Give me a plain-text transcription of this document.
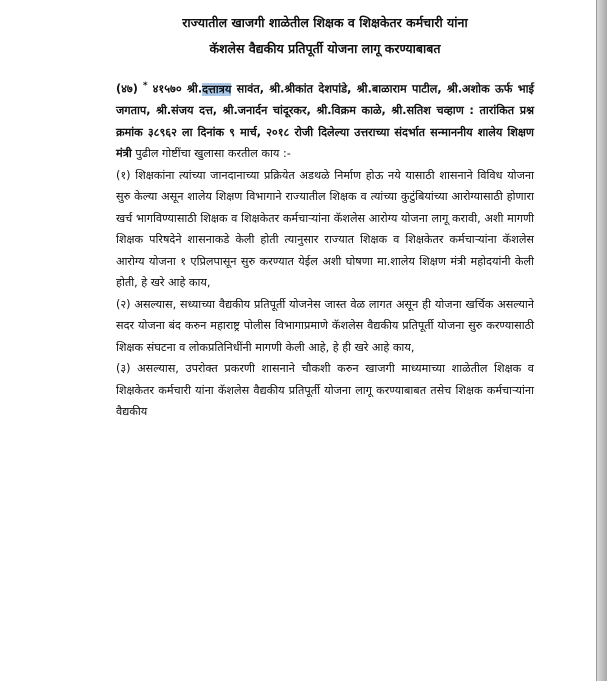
राज्यातील खाजगी शाळेतील शिक्षक व शिक्षकेतर कर्मचारी यांना
कॅशलेस वैद्यकीय प्रतिपूर्ती योजना लागू करण्याबाबत

(४७) * ४१५७० श्री.दत्तात्रय सावंत, श्री.श्रीकांत देशपांडे, श्री.बाळाराम पाटील, श्री.अशोक ऊर्फ भाई जगताप, श्री.संजय दत्त, श्री.जनार्दन चांदूरकर, श्री.विक्रम काळे, श्री.सतिश चव्हाण : तारांकित प्रश्न क्रमांक ३८९६२ ला दिनांक ९ मार्च, २०१८ रोजी दिलेल्या उत्तराच्या संदर्भात सन्माननीय शालेय शिक्षण मंत्री पुढील गोष्टींचा खुलासा करतील काय :-

(१) शिक्षकांना त्यांच्या जानदानाच्या प्रक्रियेत अडथळे निर्माण होऊ नये यासाठी शासनाने विविध योजना सुरु केल्या असून शालेय शिक्षण विभागाने राज्यातील शिक्षक व त्यांच्या कुटुंबियांच्या आरोग्यासाठी होणारा खर्च भागविण्यासाठी शिक्षक व शिक्षकेतर कर्मचाऱ्यांना कॅशलेस आरोग्य योजना लागू करावी, अशी मागणी शिक्षक परिषदेने शासनाकडे केली होती त्यानुसार राज्यात शिक्षक व शिक्षकेतर कर्मचाऱ्यांना कॅशलेस आरोग्य योजना १ एप्रिलपासून सुरु करण्यात येईल अशी घोषणा मा.शालेय शिक्षण मंत्री महोदयांनी केली होती, हे खरे आहे काय,

(२) असल्यास, सध्याच्या वैद्यकीय प्रतिपूर्ती योजनेस जास्त वेळ लागत असून ही योजना खर्चिक असल्याने सदर योजना बंद करुन महाराष्ट्र पोलीस विभागाप्रमाणे कॅशलेस वैद्यकीय प्रतिपूर्ती योजना सुरु करण्यासाठी शिक्षक संघटना व लोकप्रतिनिधींनी मागणी केली आहे, हे ही खरे आहे काय,

(३) असल्यास, उपरोक्त प्रकरणी शासनाने चौकशी करुन खाजगी माध्यमाच्या शाळेतील शिक्षक व शिक्षकेतर कर्मचारी यांना कॅशलेस वैद्यकीय प्रतिपूर्ती योजना लागू करण्याबाबत तसेच शिक्षक कर्मचाऱ्यांना वैद्यकीय
